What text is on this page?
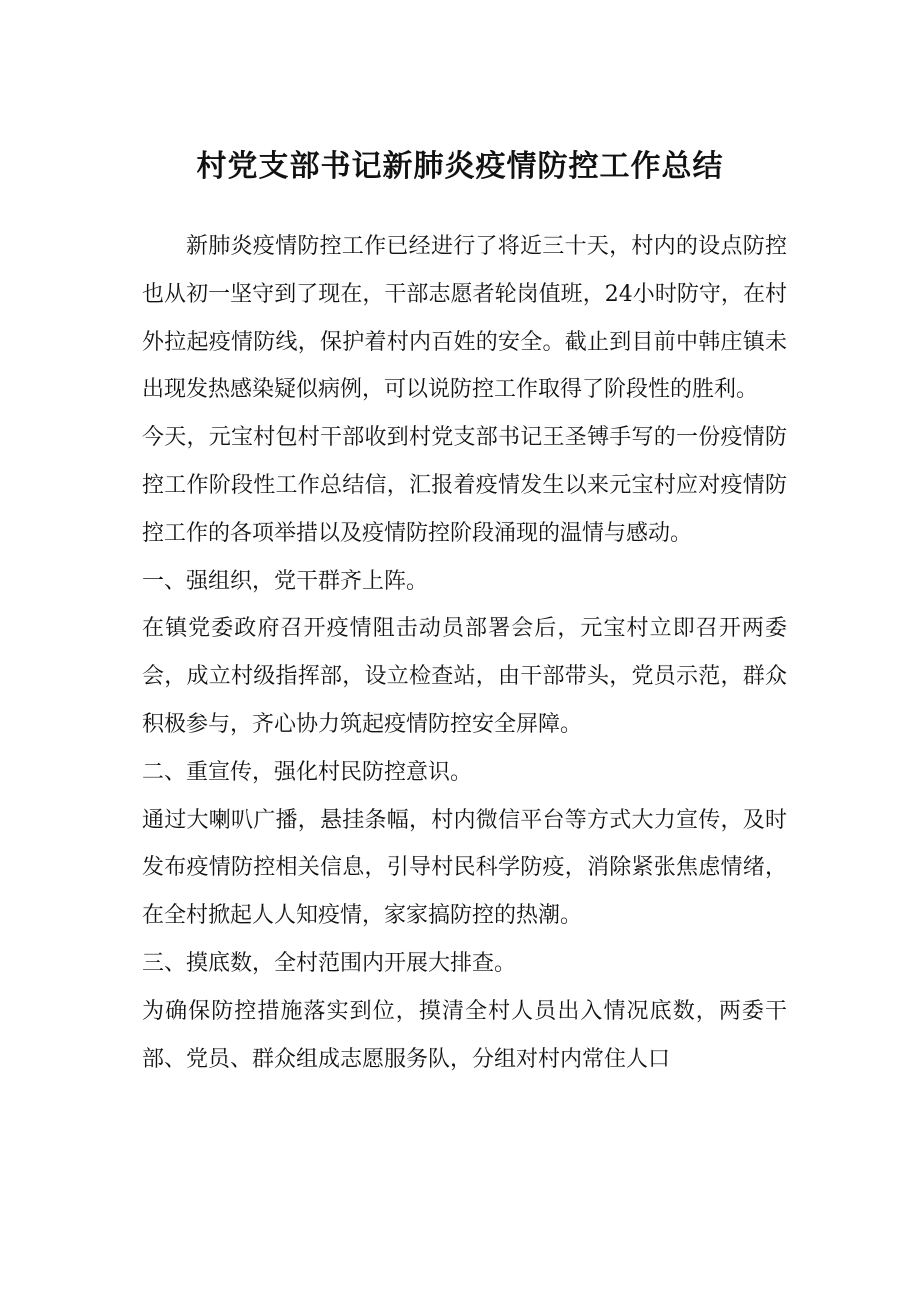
村党支部书记新肺炎疫情防控工作总结

新肺炎疫情防控工作已经进行了将近三十天，村内的设点防控也从初一坚守到了现在，干部志愿者轮岗值班，24小时防守，在村外拉起疫情防线，保护着村内百姓的安全。截止到目前中韩庄镇未出现发热感染疑似病例，可以说防控工作取得了阶段性的胜利。

今天，元宝村包村干部收到村党支部书记王圣镈手写的一份疫情防控工作阶段性工作总结信，汇报着疫情发生以来元宝村应对疫情防控工作的各项举措以及疫情防控阶段涌现的温情与感动。

一、强组织，党干群齐上阵。

在镇党委政府召开疫情阻击动员部署会后，元宝村立即召开两委会，成立村级指挥部，设立检查站，由干部带头，党员示范，群众积极参与，齐心协力筑起疫情防控安全屏障。

二、重宣传，强化村民防控意识。

通过大喇叭广播，悬挂条幅，村内微信平台等方式大力宣传，及时发布疫情防控相关信息，引导村民科学防疫，消除紧张焦虑情绪，在全村掀起人人知疫情，家家搞防控的热潮。

三、摸底数，全村范围内开展大排查。

为确保防控措施落实到位，摸清全村人员出入情况底数，两委干部、党员、群众组成志愿服务队，分组对村内常住人口
